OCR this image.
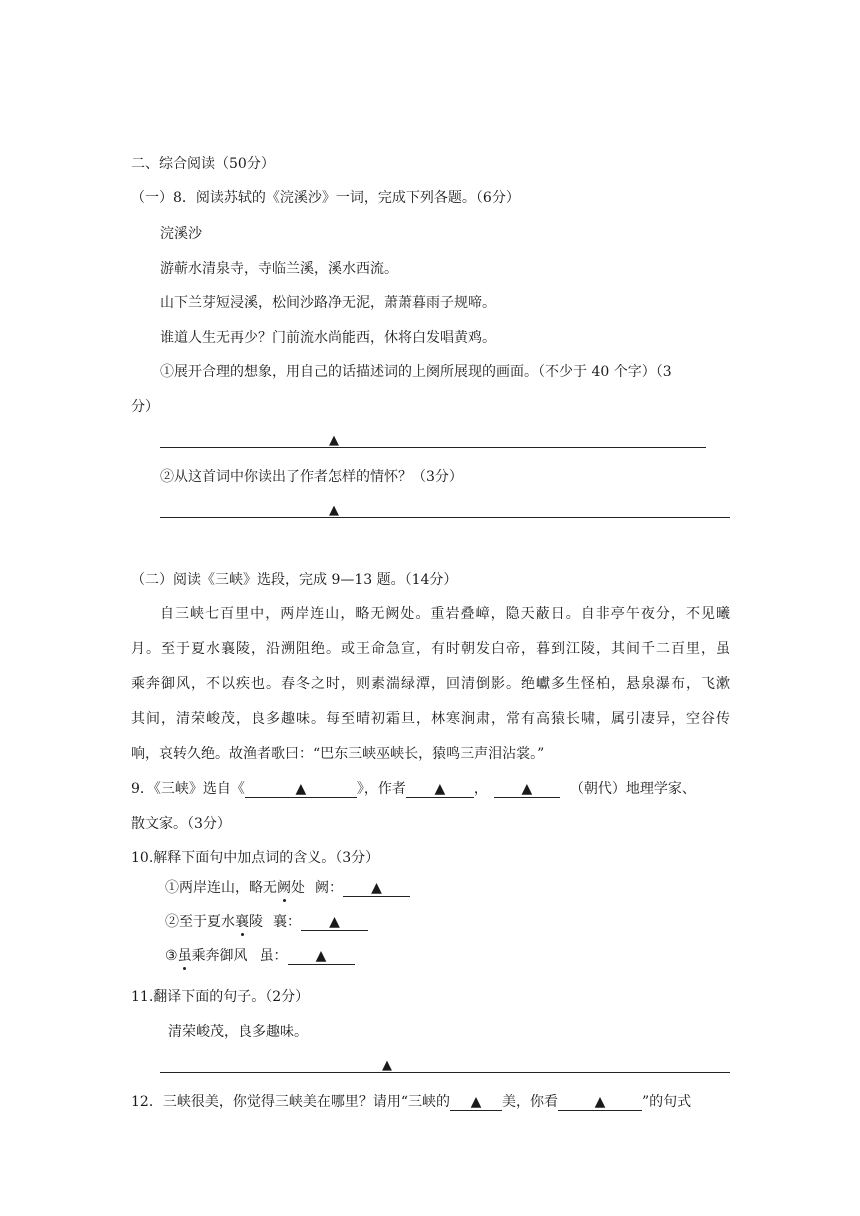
二、综合阅读（50分）
（一）8．阅读苏轼的《浣溪沙》一词，完成下列各题。（6分）
浣溪沙
游蕲水清泉寺，寺临兰溪，溪水西流。
山下兰芽短浸溪，松间沙路净无泥，萧萧暮雨子规啼。
谁道人生无再少？门前流水尚能西，休将白发唱黄鸡。
①展开合理的想象，用自己的话描述词的上阕所展现的画面。（不少于 40 个字）（3
分）
▲
②从这首词中你读出了作者怎样的情怀？（3分）
▲
（二）阅读《三峡》选段，完成 9—13 题。（14分）
自三峡七百里中，两岸连山，略无阙处。重岩叠嶂，隐天蔽日。自非亭午夜分，不见曦
月。至于夏水襄陵，沿溯阻绝。或王命急宣，有时朝发白帝，暮到江陵，其间千二百里，虽
乘奔御风，不以疾也。春冬之时，则素湍绿潭，回清倒影。绝巘多生怪柏，悬泉瀑布，飞漱
其间，清荣峻茂，良多趣味。每至晴初霜旦，林寒涧肃，常有高猿长啸，属引凄异，空谷传
响，哀转久绝。故渔者歌曰：“巴东三峡巫峡长，猿鸣三声泪沾裳。”
9．《三峡》选自《	▲	》，作者 ▲ ， ▲	（朝代）地理学家、
散文家。（3分）
10.解释下面句中加点词的含义。（3分）
①两岸连山，略无阙处 阙： ▲
②至于夏水襄陵 襄： ▲
③虽乘奔御风 虽： ▲
11.翻译下面的句子。（2分）
清荣峻茂，良多趣味。
▲
12．三峡很美，你觉得三峡美在哪里？请用“三峡的 ▲ 美，你看	▲	”的句式
